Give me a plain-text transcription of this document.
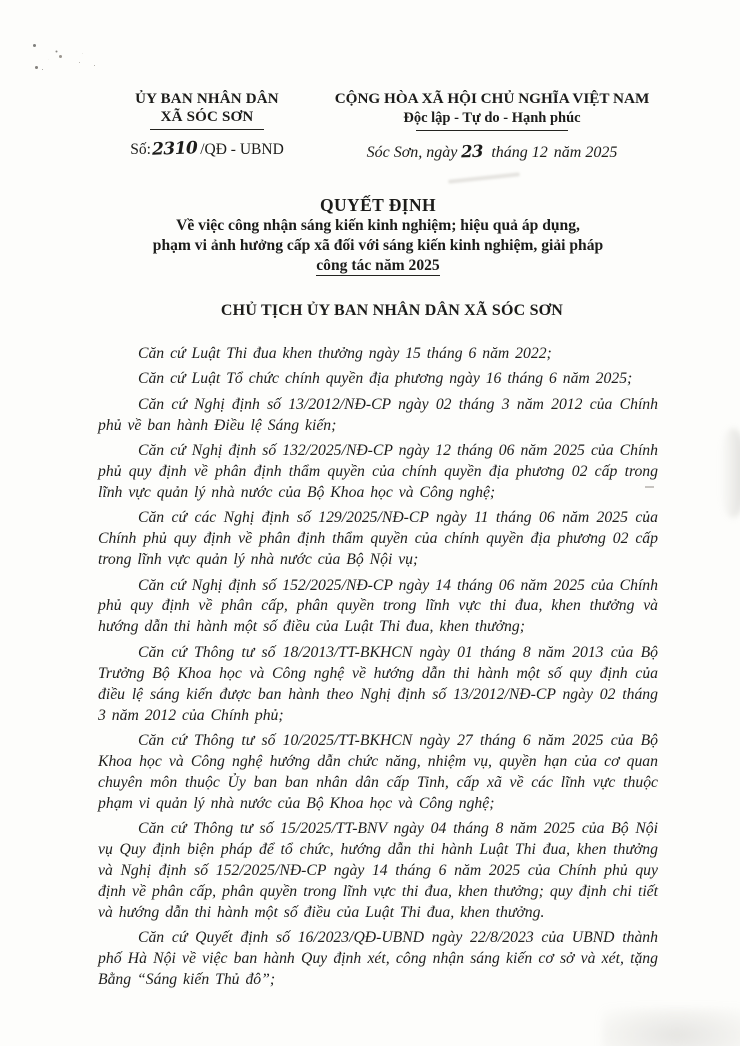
ỦY BAN NHÂN DÂN
XÃ SÓC SƠN
Số:2310 /QĐ - UBND
CỘNG HÒA XÃ HỘI CHỦ NGHĨA VIỆT NAM
Độc lập - Tự do - Hạnh phúc
Sóc Sơn, ngày 23 tháng 12 năm 2025
QUYẾT ĐỊNH
Về việc công nhận sáng kiến kinh nghiệm; hiệu quả áp dụng,
phạm vi ảnh hưởng cấp xã đối với sáng kiến kinh nghiệm, giải pháp
công tác năm 2025
CHỦ TỊCH ỦY BAN NHÂN DÂN XÃ SÓC SƠN

Căn cứ Luật Thi đua khen thưởng ngày 15 tháng 6 năm 2022;

Căn cứ Luật Tổ chức chính quyền địa phương ngày 16 tháng 6 năm 2025;

Căn cứ Nghị định số 13/2012/NĐ-CP ngày 02 tháng 3 năm 2012 của Chính phủ về ban hành Điều lệ Sáng kiến;

Căn cứ Nghị định số 132/2025/NĐ-CP ngày 12 tháng 06 năm 2025 của Chính phủ quy định về phân định thẩm quyền của chính quyền địa phương 02 cấp trong lĩnh vực quản lý nhà nước của Bộ Khoa học và Công nghệ;

Căn cứ các Nghị định số 129/2025/NĐ-CP ngày 11 tháng 06 năm 2025 của Chính phủ quy định về phân định thẩm quyền của chính quyền địa phương 02 cấp trong lĩnh vực quản lý nhà nước của Bộ Nội vụ;

Căn cứ Nghị định số 152/2025/NĐ-CP ngày 14 tháng 06 năm 2025 của Chính phủ quy định về phân cấp, phân quyền trong lĩnh vực thi đua, khen thưởng và hướng dẫn thi hành một số điều của Luật Thi đua, khen thưởng;

Căn cứ Thông tư số 18/2013/TT-BKHCN ngày 01 tháng 8 năm 2013 của Bộ Trưởng Bộ Khoa học và Công nghệ về hướng dẫn thi hành một số quy định của điều lệ sáng kiến được ban hành theo Nghị định số 13/2012/NĐ-CP ngày 02 tháng 3 năm 2012 của Chính phủ;

Căn cứ Thông tư số 10/2025/TT-BKHCN ngày 27 tháng 6 năm 2025 của Bộ Khoa học và Công nghệ hướng dẫn chức năng, nhiệm vụ, quyền hạn của cơ quan chuyên môn thuộc Ủy ban ban nhân dân cấp Tinh, cấp xã về các lĩnh vực thuộc phạm vi quản lý nhà nước của Bộ Khoa học và Công nghệ;

Căn cứ Thông tư số 15/2025/TT-BNV ngày 04 tháng 8 năm 2025 của Bộ Nội vụ Quy định biện pháp để tổ chức, hướng dẫn thi hành Luật Thi đua, khen thưởng và Nghị định số 152/2025/NĐ-CP ngày 14 tháng 6 năm 2025 của Chính phủ quy định về phân cấp, phân quyền trong lĩnh vực thi đua, khen thưởng; quy định chi tiết và hướng dẫn thi hành một số điều của Luật Thi đua, khen thưởng.

Căn cứ Quyết định số 16/2023/QĐ-UBND ngày 22/8/2023 của UBND thành phố Hà Nội về việc ban hành Quy định xét, công nhận sáng kiến cơ sở và xét, tặng Bằng “Sáng kiến Thủ đô”;
